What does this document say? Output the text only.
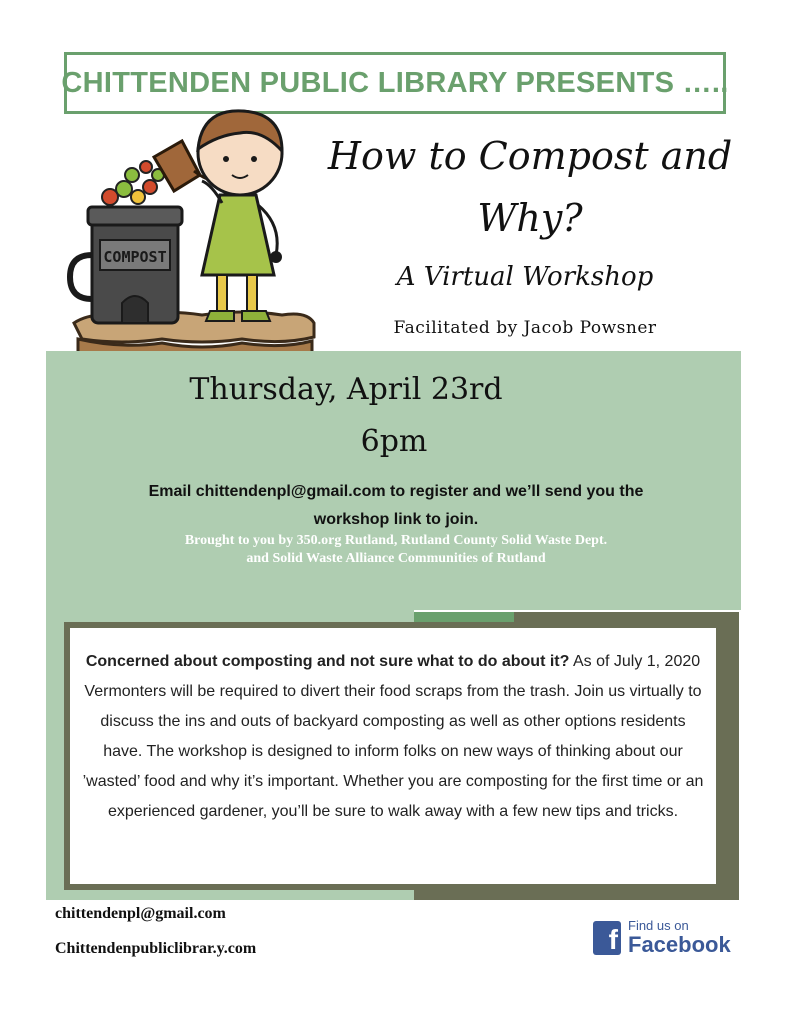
CHITTENDEN PUBLIC LIBRARY PRESENTS …..
COMPOST
How to Compost and
Why?
A Virtual Workshop
Facilitated by Jacob Powsner
Thursday, April 23rd
6pm
Email chittendenpl@gmail.com to register and we’ll send you the
workshop link to join.
Brought to you by 350.org Rutland, Rutland County Solid Waste Dept.
and Solid Waste Alliance Communities of Rutland
Concerned about composting and not sure what to do about it? As of July 1, 2020 Vermonters will be required to divert their food scraps from the trash. Join us virtually to discuss the ins and outs of backyard composting as well as other options residents have. The workshop is designed to inform folks on new ways of thinking about our ’wasted’ food and why it’s important. Whether you are composting for the first time or an experienced gardener, you’ll be sure to walk away with a few new tips and tricks.
chittendenpl@gmail.com
Chittendenpubliclibrar.y.com	f Find us on
Facebook
